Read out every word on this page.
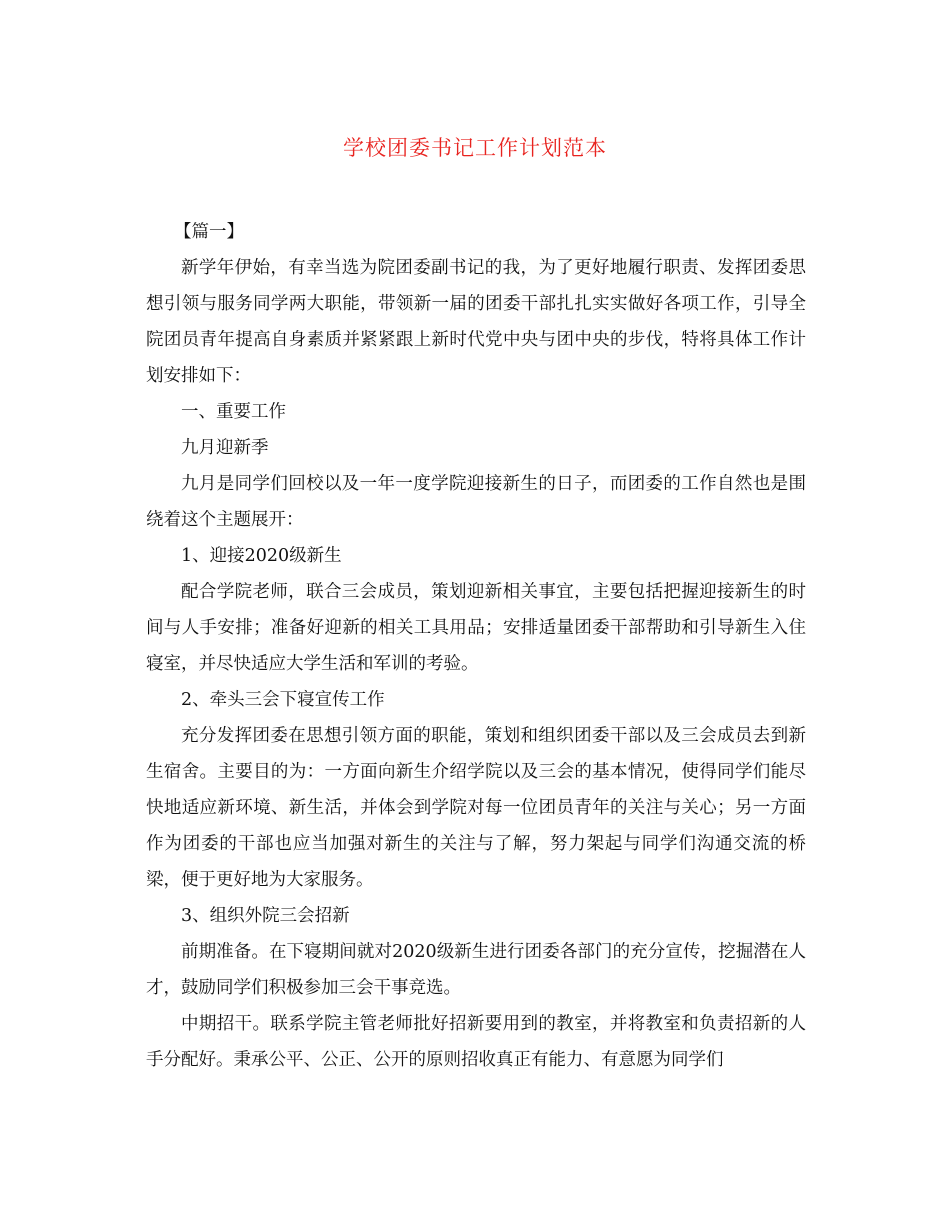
学校团委书记工作计划范本

【篇一】

新学年伊始，有幸当选为院团委副书记的我，为了更好地履行职责、发挥团委思想引领与服务同学两大职能，带领新一届的团委干部扎扎实实做好各项工作，引导全院团员青年提高自身素质并紧紧跟上新时代党中央与团中央的步伐，特将具体工作计划安排如下：

一、重要工作

九月迎新季

九月是同学们回校以及一年一度学院迎接新生的日子，而团委的工作自然也是围绕着这个主题展开：

1、迎接2020级新生

配合学院老师，联合三会成员，策划迎新相关事宜，主要包括把握迎接新生的时间与人手安排；准备好迎新的相关工具用品；安排适量团委干部帮助和引导新生入住寝室，并尽快适应大学生活和军训的考验。

2、牵头三会下寝宣传工作

充分发挥团委在思想引领方面的职能，策划和组织团委干部以及三会成员去到新生宿舍。主要目的为：一方面向新生介绍学院以及三会的基本情况，使得同学们能尽快地适应新环境、新生活，并体会到学院对每一位团员青年的关注与关心；另一方面作为团委的干部也应当加强对新生的关注与了解，努力架起与同学们沟通交流的桥梁，便于更好地为大家服务。

3、组织外院三会招新

前期准备。在下寝期间就对2020级新生进行团委各部门的充分宣传，挖掘潜在人才，鼓励同学们积极参加三会干事竞选。

中期招干。联系学院主管老师批好招新要用到的教室，并将教室和负责招新的人手分配好。秉承公平、公正、公开的原则招收真正有能力、有意愿为同学们
